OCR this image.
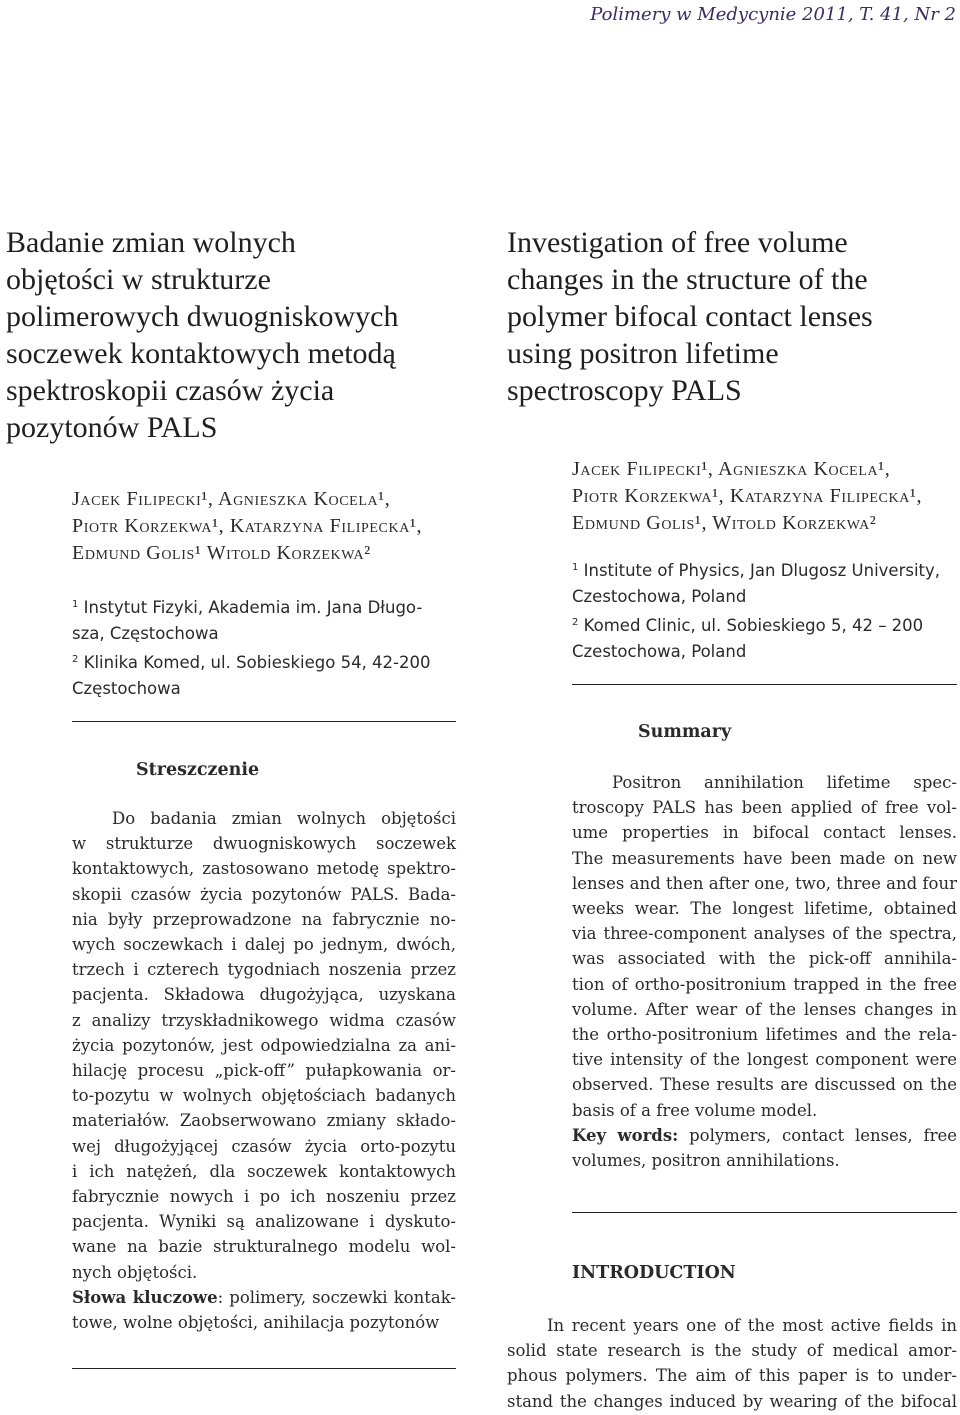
Polimery w Medycynie 2011, T. 41, Nr 2
Badanie zmian wolnych
objętości w strukturze
polimerowych dwuogniskowych
soczewek kontaktowych metodą
spektroskopii czasów życia
pozytonów PALS
Jacek Filipecki¹, Agnieszka Kocela¹,
Piotr Korzekwa¹, Katarzyna Filipecka¹,
Edmund Golis¹ Witold Korzekwa²
$^1$ Instytut Fizyki, Akademia im. Jana Długo-
sza, Częstochowa
$^2$ Klinika Komed, ul. Sobieskiego 54, 42-200
Częstochowa
Streszczenie
Do badania zmian wolnych objętości
w strukturze dwuogniskowych soczewek
kontaktowych, zastosowano metodę spektro-
skopii czasów życia pozytonów PALS. Bada-
nia były przeprowadzone na fabrycznie no-
wych soczewkach i dalej po jednym, dwóch,
trzech i czterech tygodniach noszenia przez
pacjenta. Składowa długożyjąca, uzyskana
z analizy trzyskładnikowego widma czasów
życia pozytonów, jest odpowiedzialna za ani-
hilację procesu „pick-off” pułapkowania or-
to-pozytu w wolnych objętościach badanych
materiałów. Zaobserwowano zmiany składo-
wej długożyjącej czasów życia orto-pozytu
i ich natężeń, dla soczewek kontaktowych
fabrycznie nowych i po ich noszeniu przez
pacjenta. Wyniki są analizowane i dyskuto-
wane na bazie strukturalnego modelu wol-
nych objętości.
Słowa kluczowe: polimery, soczewki kontak-
towe, wolne objętości, anihilacja pozytonów
Investigation of free volume
changes in the structure of the
polymer bifocal contact lenses
using positron lifetime
spectroscopy PALS
Jacek Filipecki¹, Agnieszka Kocela¹,
Piotr Korzekwa¹, Katarzyna Filipecka¹,
Edmund Golis¹, Witold Korzekwa²
$^1$ Institute of Physics, Jan Dlugosz University,
Czestochowa, Poland
$^2$ Komed Clinic, ul. Sobieskiego 5, 42 – 200
Czestochowa, Poland
Summary
Positron annihilation lifetime spec-
troscopy PALS has been applied of free vol-
ume properties in bifocal contact lenses.
The measurements have been made on new
lenses and then after one, two, three and four
weeks wear. The longest lifetime, obtained
via three-component analyses of the spectra,
was associated with the pick-off annihila-
tion of ortho-positronium trapped in the free
volume. After wear of the lenses changes in
the ortho-positronium lifetimes and the rela-
tive intensity of the longest component were
observed. These results are discussed on the
basis of a free volume model.
Key words: polymers, contact lenses, free
volumes, positron annihilations.
INTRODUCTION
In recent years one of the most active fields in
solid state research is the study of medical amor-
phous polymers. The aim of this paper is to under-
stand the changes induced by wearing of the bifocal
